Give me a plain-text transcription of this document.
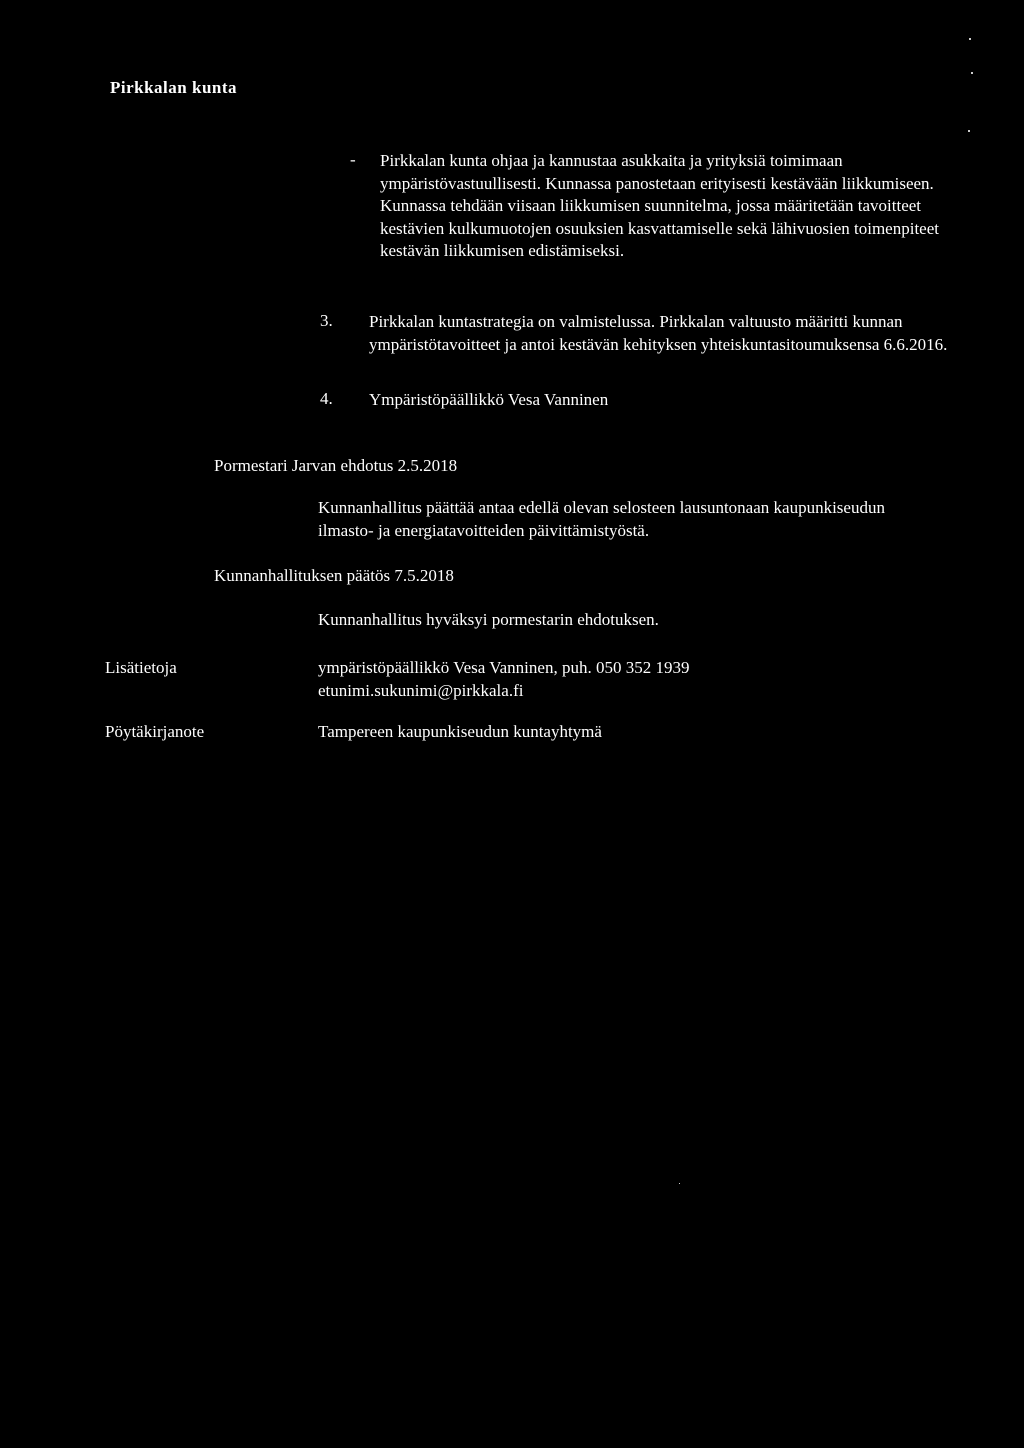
Pirkkalan kunta

- Pirkkalan kunta ohjaa ja kannustaa asukkaita ja yrityksiä toimimaan ympäristövastuullisesti. Kunnassa panostetaan erityisesti kestävään liikkumiseen. Kunnassa tehdään viisaan liikkumisen suunnitelma, jossa määritetään tavoitteet kestävien kulkumuotojen osuuksien kasvattamiselle sekä lähivuosien toimenpiteet kestävän liikkumisen edistämiseksi.

3. Pirkkalan kuntastrategia on valmistelussa. Pirkkalan valtuusto määritti kunnan ympäristötavoitteet ja antoi kestävän kehityksen yhteiskuntasitoumuksensa 6.6.2016.

4. Ympäristöpäällikkö Vesa Vanninen

Pormestari Jarvan ehdotus 2.5.2018

Kunnanhallitus päättää antaa edellä olevan selosteen lausuntonaan kaupunkiseudun ilmasto- ja energiatavoitteiden päivittämistyöstä.

Kunnanhallituksen päätös 7.5.2018

Kunnanhallitus hyväksyi pormestarin ehdotuksen.

Lisätietoja	ympäristöpäällikkö Vesa Vanninen, puh. 050 352 1939
etunimi.sukunimi@pirkkala.fi

Pöytäkirjanote	Tampereen kaupunkiseudun kuntayhtymä
